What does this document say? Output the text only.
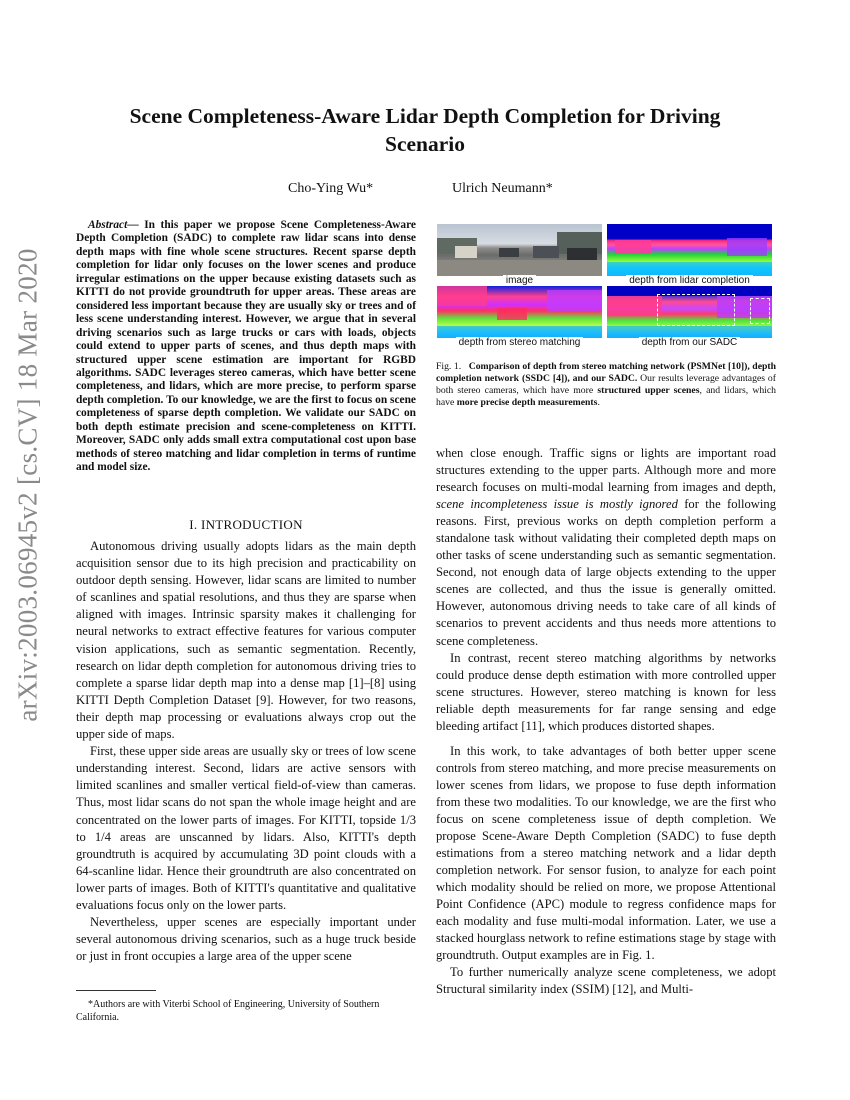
arXiv:2003.06945v2 [cs.CV] 18 Mar 2020
Scene Completeness-Aware Lidar Depth Completion for Driving Scenario
Cho-Ying Wu*	Ulrich Neumann*

Abstract— In this paper we propose Scene Completeness-Aware Depth Completion (SADC) to complete raw lidar scans into dense depth maps with fine whole scene structures. Recent sparse depth completion for lidar only focuses on the lower scenes and produce irregular estimations on the upper because existing datasets such as KITTI do not provide groundtruth for upper areas. These areas are considered less important because they are usually sky or trees and of less scene understanding interest. However, we argue that in several driving scenarios such as large trucks or cars with loads, objects could extend to upper parts of scenes, and thus depth maps with structured upper scene estimation are important for RGBD algorithms. SADC leverages stereo cameras, which have better scene completeness, and lidars, which are more precise, to perform sparse depth completion. To our knowledge, we are the first to focus on scene completeness of sparse depth completion. We validate our SADC on both depth estimate precision and scene-completeness on KITTI. Moreover, SADC only adds small extra computational cost upon base methods of stereo matching and lidar completion in terms of runtime and model size.

I. INTRODUCTION

Autonomous driving usually adopts lidars as the main depth acquisition sensor due to its high precision and practicability on outdoor depth sensing. However, lidar scans are limited to number of scanlines and spatial resolutions, and thus they are sparse when aligned with images. Intrinsic sparsity makes it challenging for neural networks to extract effective features for various computer vision applications, such as semantic segmentation. Recently, research on lidar depth completion for autonomous driving tries to complete a sparse lidar depth map into a dense map [1]–[8] using KITTI Depth Completion Dataset [9]. However, for two reasons, their depth map processing or evaluations always crop out the upper side of maps.

First, these upper side areas are usually sky or trees of low scene understanding interest. Second, lidars are active sensors with limited scanlines and smaller vertical field-of-view than cameras. Thus, most lidar scans do not span the whole image height and are concentrated on the lower parts of images. For KITTI, topside 1/3 to 1/4 areas are unscanned by lidars. Also, KITTI's depth groundtruth is acquired by accumulating 3D point clouds with a 64-scanline lidar. Hence their groundtruth are also concentrated on lower parts of images. Both of KITTI's quantitative and qualitative evaluations focus only on the lower parts.

Nevertheless, upper scenes are especially important under several autonomous driving scenarios, such as a huge truck beside or just in front occupies a large area of the upper scene

*Authors are with Viterbi School of Engineering, University of Southern California.
image	depth from lidar completion
depth from stereo matching	depth from our SADC
Fig. 1. Comparison of depth from stereo matching network (PSMNet [10]), depth completion network (SSDC [4]), and our SADC. Our results leverage advantages of both stereo cameras, which have more structured upper scenes, and lidars, which have more precise depth measurements.

when close enough. Traffic signs or lights are important road structures extending to the upper parts. Although more and more research focuses on multi-modal learning from images and depth, scene incompleteness issue is mostly ignored for the following reasons. First, previous works on depth completion perform a standalone task without validating their completed depth maps on other tasks of scene understanding such as semantic segmentation. Second, not enough data of large objects extending to the upper scenes are collected, and thus the issue is generally omitted. However, autonomous driving needs to take care of all kinds of scenarios to prevent accidents and thus needs more attentions to scene completeness.

In contrast, recent stereo matching algorithms by networks could produce dense depth estimation with more controlled upper scene structures. However, stereo matching is known for less reliable depth measurements for far range sensing and edge bleeding artifact [11], which produces distorted shapes.

In this work, to take advantages of both better upper scene controls from stereo matching, and more precise measurements on lower scenes from lidars, we propose to fuse depth information from these two modalities. To our knowledge, we are the first who focus on scene completeness issue of depth completion. We propose Scene-Aware Depth Completion (SADC) to fuse depth estimations from a stereo matching network and a lidar depth completion network. For sensor fusion, to analyze for each point which modality should be relied on more, we propose Attentional Point Confidence (APC) module to regress confidence maps for each modality and fuse multi-modal information. Later, we use a stacked hourglass network to refine estimations stage by stage with groundtruth. Output examples are in Fig. 1.

To further numerically analyze scene completeness, we adopt Structural similarity index (SSIM) [12], and Multi-
